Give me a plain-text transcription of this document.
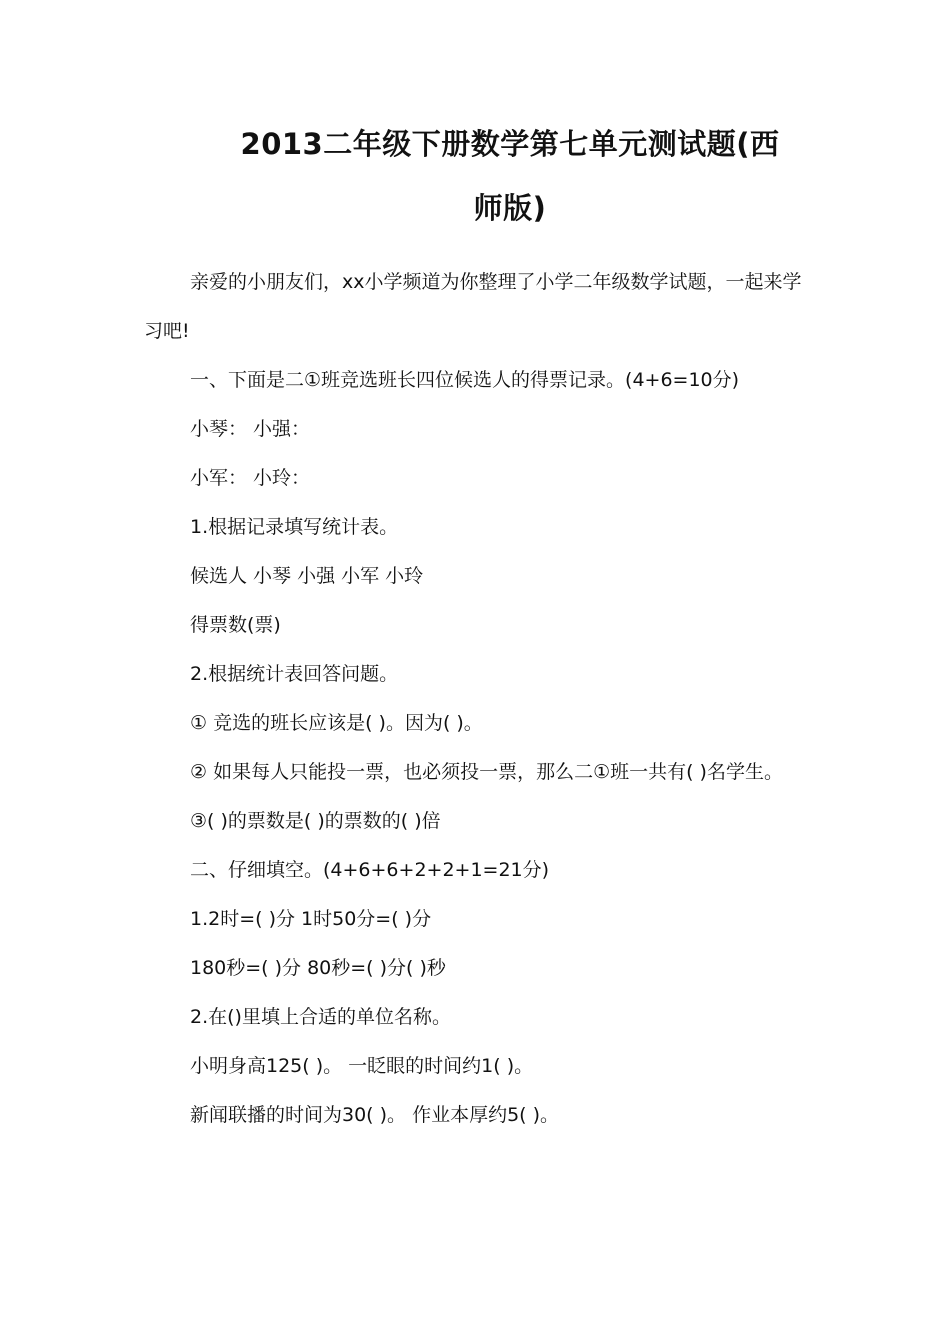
2013二年级下册数学第七单元测试题(西
师版)

亲爱的小朋友们，xx小学频道为你整理了小学二年级数学试题，一起来学习吧!

一、下面是二①班竞选班长四位候选人的得票记录。(4+6=10分)

小琴： 小强：

小军： 小玲：

1.根据记录填写统计表。

候选人 小琴 小强 小军 小玲

得票数(票)

2.根据统计表回答问题。

① 竞选的班长应该是( )。因为( )。

② 如果每人只能投一票，也必须投一票，那么二①班一共有( )名学生。

③( )的票数是( )的票数的( )倍

二、仔细填空。(4+6+6+2+2+1=21分)

1.2时=( )分 1时50分=( )分

180秒=( )分 80秒=( )分( )秒

2.在()里填上合适的单位名称。

小明身高125( )。 一眨眼的时间约1( )。

新闻联播的时间为30( )。 作业本厚约5( )。
